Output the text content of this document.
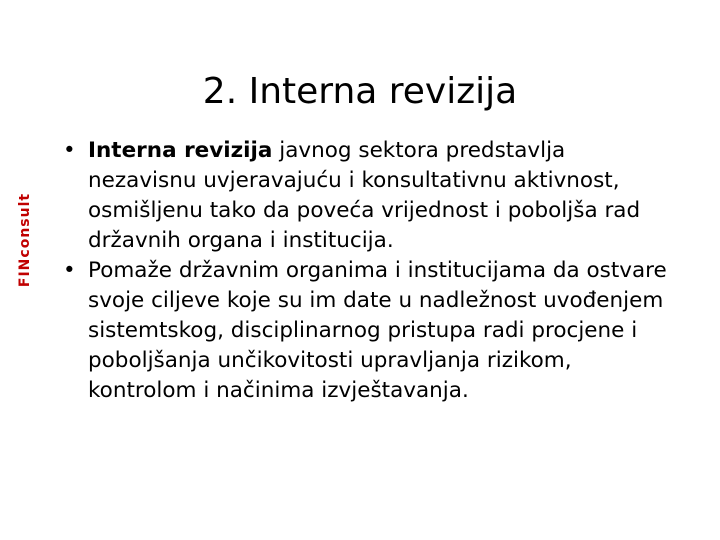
2. Interna revizija
FINconsult
• Interna revizija javnog sektora predstavlja nezavisnu uvjeravajuću i konsultativnu aktivnost, osmišljenu tako da poveća vrijednost i poboljša rad državnih organa i institucija.
• Pomaže državnim organima i institucijama da ostvare svoje ciljeve koje su im date u nadležnost uvođenjem sistemtskog, disciplinarnog pristupa radi procjene i poboljšanja unčikovitosti upravljanja rizikom, kontrolom i načinima izvještavanja.
